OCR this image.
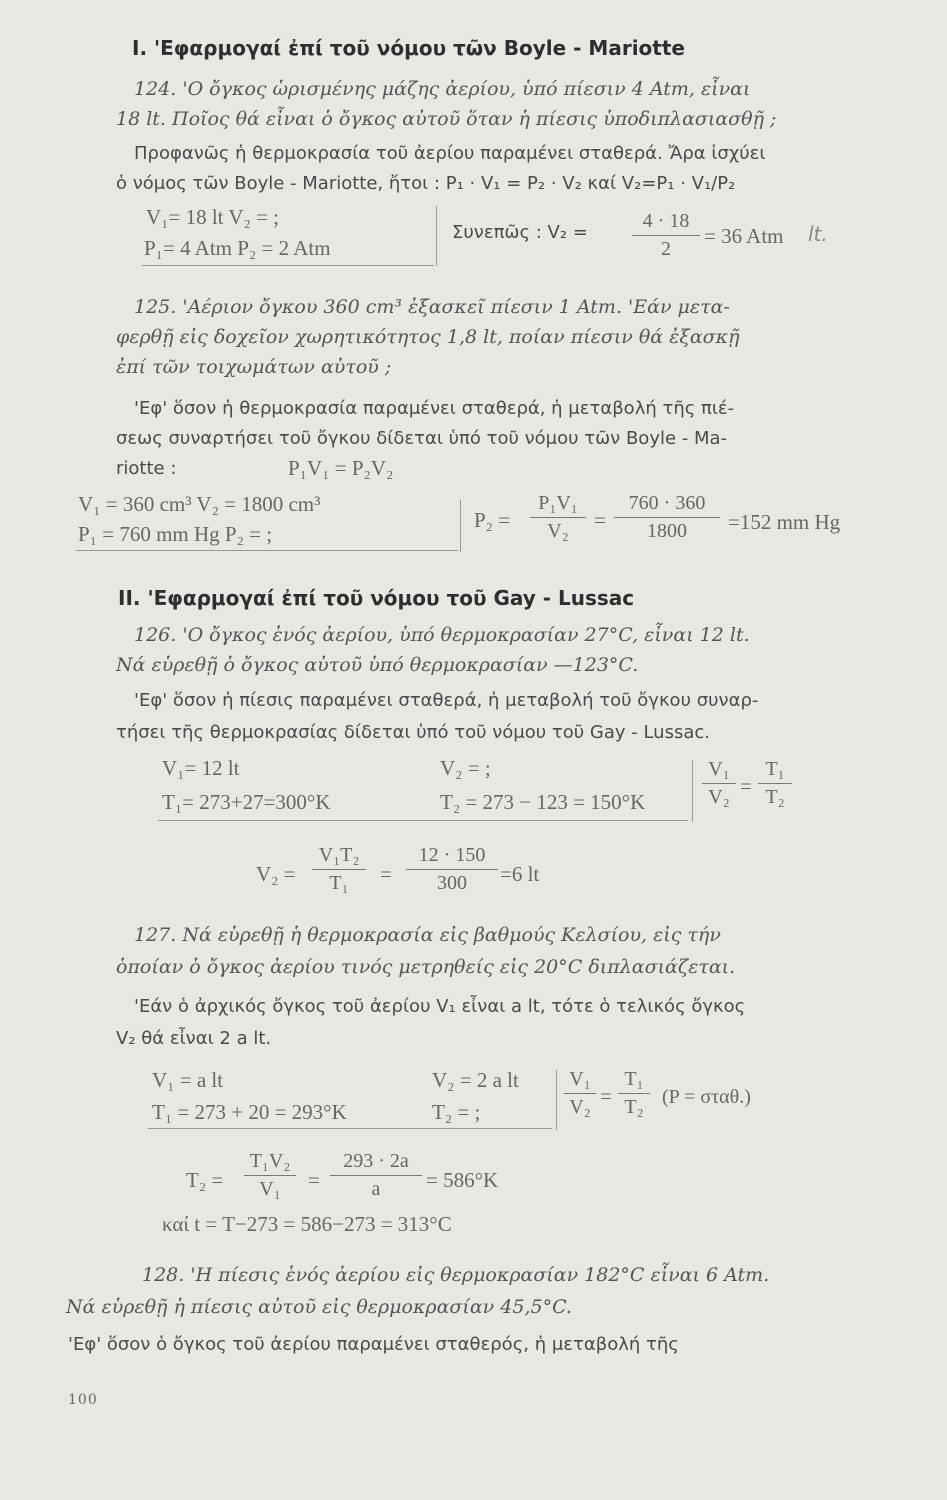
I. 'Εφαρμογαί ἐπί τοῦ νόμου τῶν Boyle - Mariotte
124. 'Ο ὄγκος ὡρισμένης μάζης ἀερίου, ὑπό πίεσιν 4 Atm, εἶναι
18 lt. Ποῖος θά εἶναι ὁ ὄγκος αὐτοῦ ὅταν ἡ πίεσις ὑποδιπλασιασθῇ ;
Προφανῶς ἡ θερμοκρασία τοῦ ἀερίου παραμένει σταθερά. Ἄρα ἰσχύει
ὁ νόμος τῶν Boyle - Mariotte, ἤτοι : P₁ · V₁ = P₂ · V₂ καί V₂=P₁ · V₁/P₂
V₁= 18 lt V₂ = ;
P₁= 4 Atm P₂ = 2 Atm
Συνεπῶς : V₂ =
4 · 18
2
= 36 Atm lt.
125. 'Αέριον ὄγκου 360 cm³ ἐξασκεῖ πίεσιν 1 Atm. 'Εάν μετα-
φερθῇ εἰς δοχεῖον χωρητικότητος 1,8 lt, ποίαν πίεσιν θά ἐξασκῇ
ἐπί τῶν τοιχωμάτων αὐτοῦ ;
'Εφ' ὅσον ἡ θερμοκρασία παραμένει σταθερά, ἡ μεταβολή τῆς πιέ-
σεως συναρτήσει τοῦ ὄγκου δίδεται ὑπό τοῦ νόμου τῶν Boyle - Ma-
riotte :	P₁V₁ = P₂V₂
V₁ = 360 cm³ V₂ = 1800 cm³
P₁ = 760 mm Hg P₂ = ;
P₂ =
P₁V₁
V₂	=
760 · 360
1800	=152 mm Hg
II. 'Εφαρμογαί ἐπί τοῦ νόμου τοῦ Gay - Lussac
126. 'Ο ὄγκος ἑνός ἀερίου, ὑπό θερμοκρασίαν 27°C, εἶναι 12 lt.
Νά εὑρεθῇ ὁ ὄγκος αὐτοῦ ὑπό θερμοκρασίαν —123°C.
'Εφ' ὅσον ἡ πίεσις παραμένει σταθερά, ἡ μεταβολή τοῦ ὄγκου συναρ-
τήσει τῆς θερμοκρασίας δίδεται ὑπό τοῦ νόμου τοῦ Gay - Lussac.
V₁= 12 lt	V₂ = ;
T₁= 273+27=300°K	T₂ = 273 − 123 = 150°K
V₁
V₂ =
T₁
T₂
V₂ =
V₁T₂
T₁	=
12 · 150
300	=6 lt
127. Νά εὑρεθῇ ἡ θερμοκρασία εἰς βαθμούς Κελσίου, εἰς τήν
ὁποίαν ὁ ὄγκος ἀερίου τινός μετρηθείς εἰς 20°C διπλασιάζεται.
'Εάν ὁ ἀρχικός ὄγκος τοῦ ἀερίου V₁ εἶναι a lt, τότε ὁ τελικός ὄγκος
V₂ θά εἶναι 2 a lt.
V₁ = a lt	V₂ = 2 a lt
T₁ = 273 + 20 = 293°K	T₂ = ;
V₁
V₂ =
T₁
T₂ (P = σταθ.)
T₂ =
T₁V₂
V₁	=
293 · 2a
a	= 586°K
καί t = T−273 = 586−273 = 313°C
128. 'Η πίεσις ἑνός ἀερίου εἰς θερμοκρασίαν 182°C εἶναι 6 Atm.
Νά εὑρεθῇ ἡ πίεσις αὐτοῦ εἰς θερμοκρασίαν 45,5°C.
'Εφ' ὅσον ὁ ὄγκος τοῦ ἀερίου παραμένει σταθερός, ἡ μεταβολή τῆς
100
